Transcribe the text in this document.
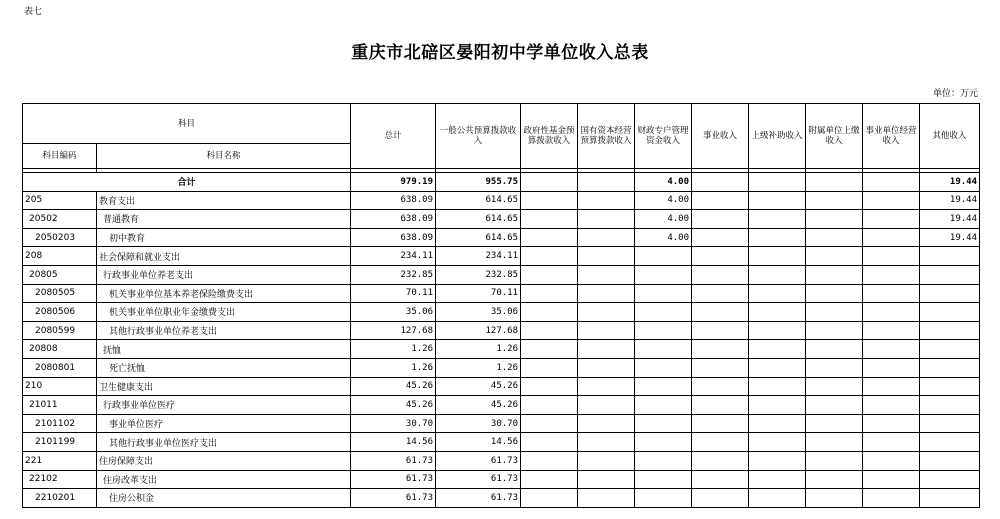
表七
重庆市北碚区晏阳初中学单位收入总表
单位：万元
科目		总计	一般公共预算拨款收入	政府性基金预算拨款收入	国有资本经营预算拨款收入	财政专户管理资金收入	事业收入	上级补助收入	附属单位上缴收入	事业单位经营收入	其他收入
科目编码	科目名称										

合计		979.19	955.75			4.00					19.44
205	教育支出	638.09	614.65			4.00					19.44
20502	普通教育	638.09	614.65			4.00					19.44
2050203	初中教育	638.09	614.65			4.00					19.44
208	社会保障和就业支出	234.11	234.11								
20805	行政事业单位养老支出	232.85	232.85								
2080505	机关事业单位基本养老保险缴费支出	70.11	70.11								
2080506	机关事业单位职业年金缴费支出	35.06	35.06								
2080599	其他行政事业单位养老支出	127.68	127.68								
20808	抚恤	1.26	1.26								
2080801	死亡抚恤	1.26	1.26								
210	卫生健康支出	45.26	45.26								
21011	行政事业单位医疗	45.26	45.26								
2101102	事业单位医疗	30.70	30.70								
2101199	其他行政事业单位医疗支出	14.56	14.56								
221	住房保障支出	61.73	61.73								
22102	住房改革支出	61.73	61.73								
2210201	住房公积金	61.73	61.73								
